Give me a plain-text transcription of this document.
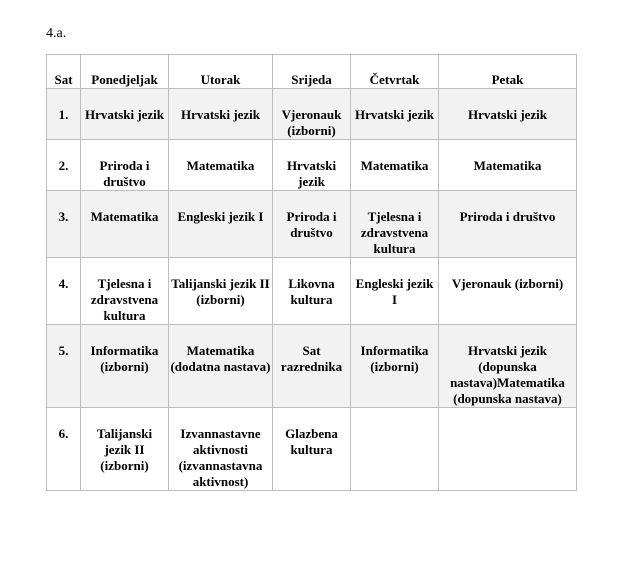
4.a.
Sat	Ponedjeljak	Utorak	Srijeda	Četvrtak	Petak
1.	Hrvatski jezik	Hrvatski jezik	Vjeronauk (izborni)	Hrvatski jezik	Hrvatski jezik
2.	Priroda i društvo	Matematika	Hrvatski jezik	Matematika	Matematika
3.	Matematika	Engleski jezik I	Priroda i društvo	Tjelesna i zdravstvena kultura	Priroda i društvo
4.	Tjelesna i zdravstvena kultura	Talijanski jezik II (izborni)	Likovna kultura	Engleski jezik I	Vjeronauk (izborni)
5.	Informatika (izborni)	Matematika (dodatna nastava)	Sat razrednika	Informatika (izborni)	Hrvatski jezik (dopunska nastava)Matematika (dopunska nastava)
6.	Talijanski jezik II (izborni)	Izvannastavne aktivnosti (izvannastavna aktivnost)	Glazbena kultura		
